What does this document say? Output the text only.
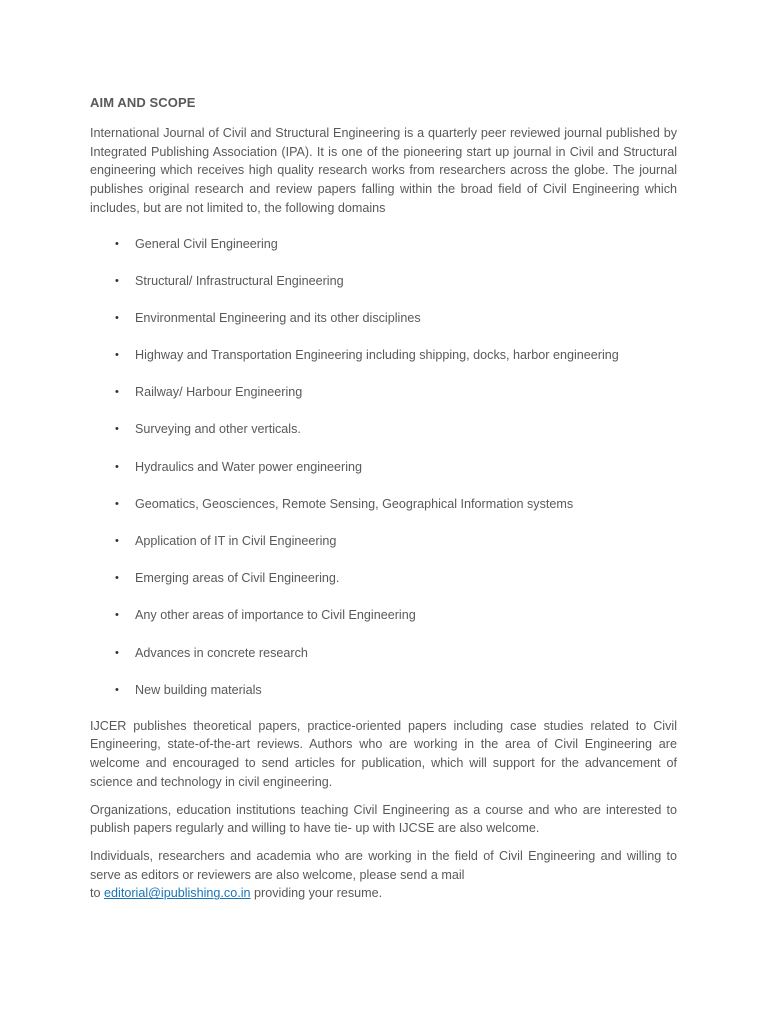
AIM AND SCOPE

International Journal of Civil and Structural Engineering is a quarterly peer reviewed journal published by Integrated Publishing Association (IPA). It is one of the pioneering start up journal in Civil and Structural engineering which receives high quality research works from researchers across the globe. The journal publishes original research and review papers falling within the broad field of Civil Engineering which includes, but are not limited to, the following domains

• General Civil Engineering
• Structural/ Infrastructural Engineering
• Environmental Engineering and its other disciplines
• Highway and Transportation Engineering including shipping, docks, harbor engineering
• Railway/ Harbour Engineering
• Surveying and other verticals.
• Hydraulics and Water power engineering
• Geomatics, Geosciences, Remote Sensing, Geographical Information systems
• Application of IT in Civil Engineering
• Emerging areas of Civil Engineering.
• Any other areas of importance to Civil Engineering
• Advances in concrete research
• New building materials

IJCER publishes theoretical papers, practice-oriented papers including case studies related to Civil Engineering, state-of-the-art reviews. Authors who are working in the area of Civil Engineering are welcome and encouraged to send articles for publication, which will support for the advancement of science and technology in civil engineering.

Organizations, education institutions teaching Civil Engineering as a course and who are interested to publish papers regularly and willing to have tie- up with IJCSE are also welcome.

Individuals, researchers and academia who are working in the field of Civil Engineering and willing to serve as editors or reviewers are also welcome, please send a mail
to editorial@ipublishing.co.in providing your resume.
